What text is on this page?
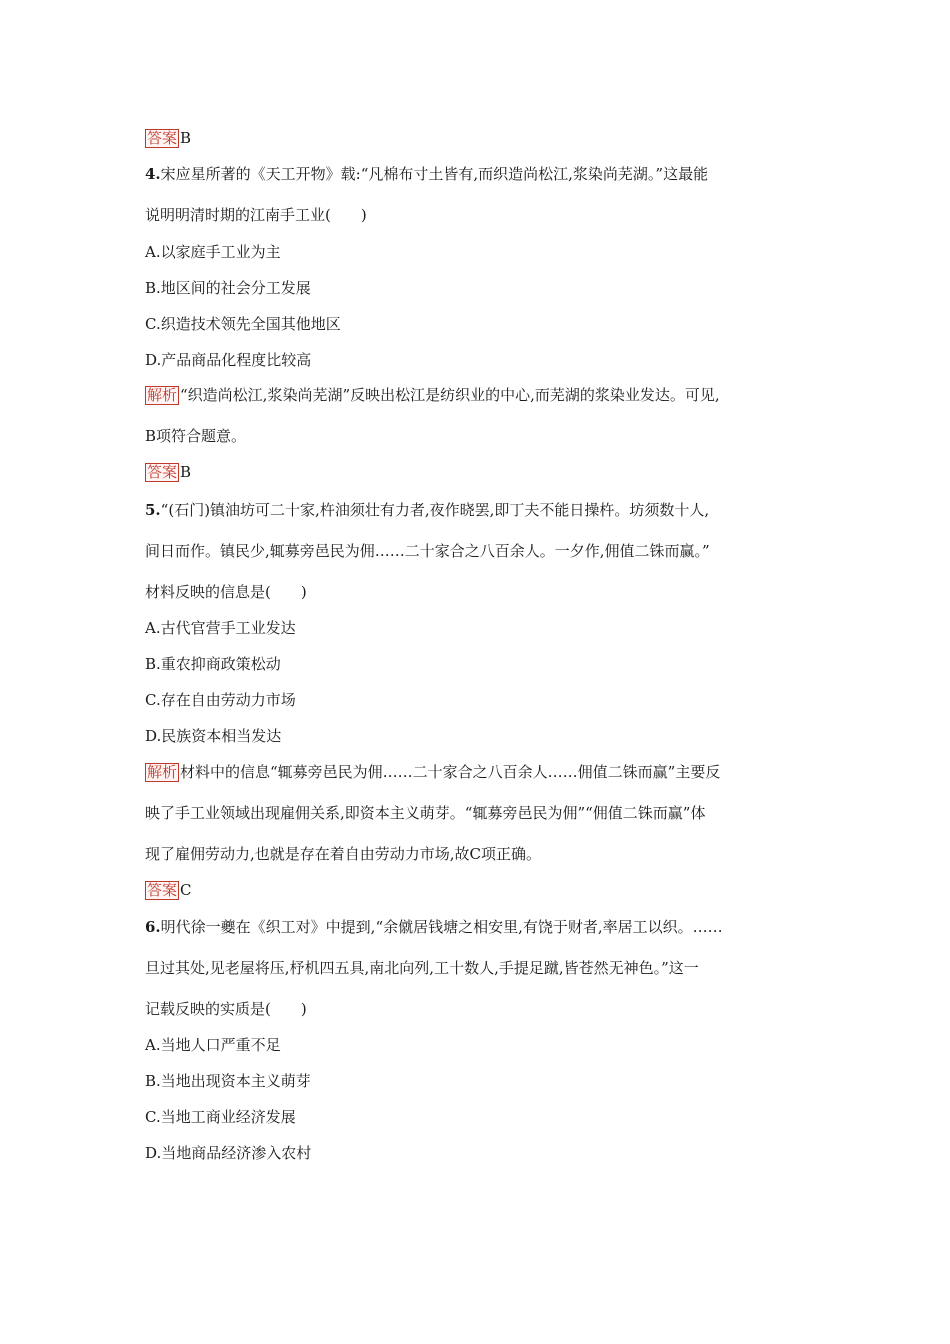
答案 B
4.宋应星所著的《天工开物》载:“凡棉布寸土皆有,而织造尚松江,浆染尚芜湖。”这最能
说明明清时期的江南手工业(　　)
A.以家庭手工业为主
B.地区间的社会分工发展
C.织造技术领先全国其他地区
D.产品商品化程度比较高
解析 “织造尚松江,浆染尚芜湖”反映出松江是纺织业的中心,而芜湖的浆染业发达。可见,
B项符合题意。
答案 B
5.“(石门)镇油坊可二十家,杵油须壮有力者,夜作晓罢,即丁夫不能日操杵。坊须数十人,
间日而作。镇民少,辄募旁邑民为佣……二十家合之八百余人。一夕作,佣值二铢而赢。”
材料反映的信息是(　　)
A.古代官营手工业发达
B.重农抑商政策松动
C.存在自由劳动力市场
D.民族资本相当发达
解析 材料中的信息“辄募旁邑民为佣……二十家合之八百余人……佣值二铢而赢”主要反
映了手工业领域出现雇佣关系,即资本主义萌芽。“辄募旁邑民为佣”“佣值二铢而赢”体
现了雇佣劳动力,也就是存在着自由劳动力市场,故C项正确。
答案 C
6.明代徐一夔在《织工对》中提到,“余僦居钱塘之相安里,有饶于财者,率居工以织。……
旦过其处,见老屋将压,杼机四五具,南北向列,工十数人,手提足蹴,皆苍然无神色。”这一
记载反映的实质是(　　)
A.当地人口严重不足
B.当地出现资本主义萌芽
C.当地工商业经济发展
D.当地商品经济渗入农村
